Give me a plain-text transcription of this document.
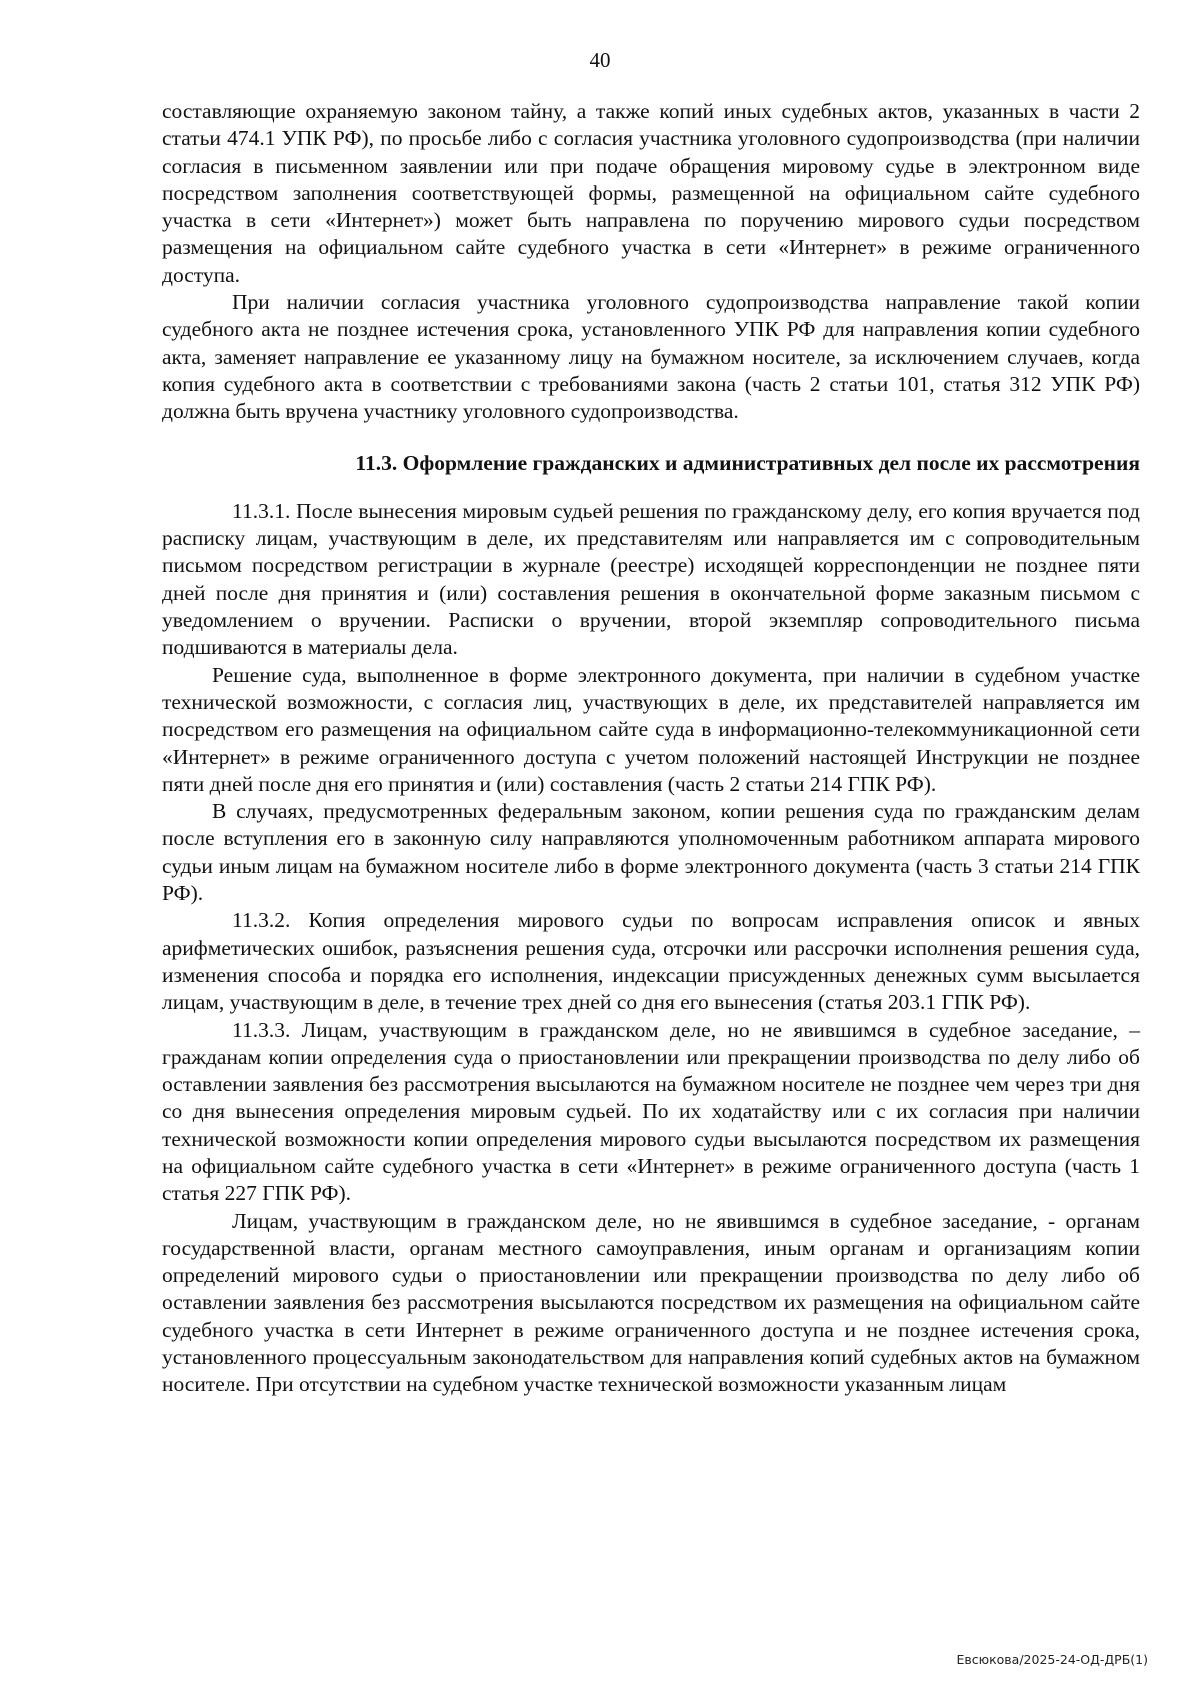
40

составляющие охраняемую законом тайну, а также копий иных судебных актов, указанных в части 2 статьи 474.1 УПК РФ), по просьбе либо с согласия участника уголовного судопроизводства (при наличии согласия в письменном заявлении или при подаче обращения мировому судье в электронном виде посредством заполнения соответствующей формы, размещенной на официальном сайте судебного участка в сети «Интернет») может быть направлена по поручению мирового судьи посредством размещения на официальном сайте судебного участка в сети «Интернет» в режиме ограниченного доступа.

При наличии согласия участника уголовного судопроизводства направление такой копии судебного акта не позднее истечения срока, установленного УПК РФ для направления копии судебного акта, заменяет направление ее указанному лицу на бумажном носителе, за исключением случаев, когда копия судебного акта в соответствии с требованиями закона (часть 2 статьи 101, статья 312 УПК РФ) должна быть вручена участнику уголовного судопроизводства.

11.3. Оформление гражданских и административных дел после их рассмотрения

11.3.1. После вынесения мировым судьей решения по гражданскому делу, его копия вручается под расписку лицам, участвующим в деле, их представителям или направляется им с сопроводительным письмом посредством регистрации в журнале (реестре) исходящей корреспонденции не позднее пяти дней после дня принятия и (или) составления решения в окончательной форме заказным письмом с уведомлением о вручении. Расписки о вручении, второй экземпляр сопроводительного письма подшиваются в материалы дела.

Решение суда, выполненное в форме электронного документа, при наличии в судебном участке технической возможности, с согласия лиц, участвующих в деле, их представителей направляется им посредством его размещения на официальном сайте суда в информационно-телекоммуникационной сети «Интернет» в режиме ограниченного доступа с учетом положений настоящей Инструкции не позднее пяти дней после дня его принятия и (или) составления (часть 2 статьи 214 ГПК РФ).

В случаях, предусмотренных федеральным законом, копии решения суда по гражданским делам после вступления его в законную силу направляются уполномоченным работником аппарата мирового судьи иным лицам на бумажном носителе либо в форме электронного документа (часть 3 статьи 214 ГПК РФ).

11.3.2. Копия определения мирового судьи по вопросам исправления описок и явных арифметических ошибок, разъяснения решения суда, отсрочки или рассрочки исполнения решения суда, изменения способа и порядка его исполнения, индексации присужденных денежных сумм высылается лицам, участвующим в деле, в течение трех дней со дня его вынесения (статья 203.1 ГПК РФ).

11.3.3. Лицам, участвующим в гражданском деле, но не явившимся в судебное заседание, – гражданам копии определения суда о приостановлении или прекращении производства по делу либо об оставлении заявления без рассмотрения высылаются на бумажном носителе не позднее чем через три дня со дня вынесения определения мировым судьей. По их ходатайству или с их согласия при наличии технической возможности копии определения мирового судьи высылаются посредством их размещения на официальном сайте судебного участка в сети «Интернет» в режиме ограниченного доступа (часть 1 статья 227 ГПК РФ).

Лицам, участвующим в гражданском деле, но не явившимся в судебное заседание, - органам государственной власти, органам местного самоуправления, иным органам и организациям копии определений мирового судьи о приостановлении или прекращении производства по делу либо об оставлении заявления без рассмотрения высылаются посредством их размещения на официальном сайте судебного участка в сети Интернет в режиме ограниченного доступа и не позднее истечения срока, установленного процессуальным законодательством для направления копий судебных актов на бумажном носителе. При отсутствии на судебном участке технической возможности указанным лицам

Евсюкова/2025-24-ОД-ДРБ(1)
